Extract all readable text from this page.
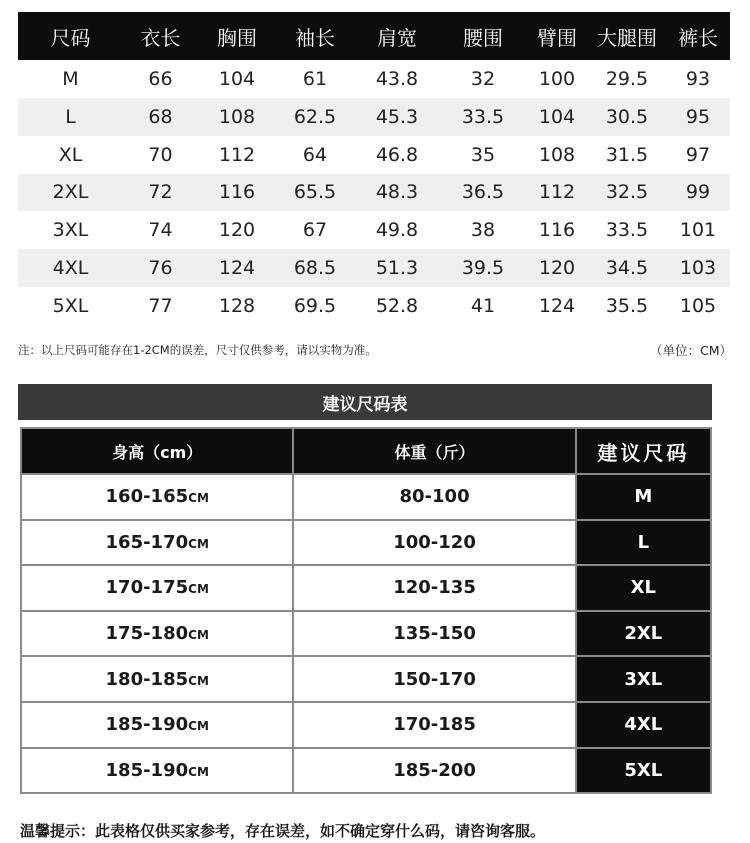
尺码	衣长	胸围	袖长	肩宽	腰围	臂围	大腿围	裤长
M	66	104	61	43.8	32	100	29.5	93
L	68	108	62.5	45.3	33.5	104	30.5	95
XL	70	112	64	46.8	35	108	31.5	97
2XL	72	116	65.5	48.3	36.5	112	32.5	99
3XL	74	120	67	49.8	38	116	33.5	101
4XL	76	124	68.5	51.3	39.5	120	34.5	103
5XL	77	128	69.5	52.8	41	124	35.5	105
注：以上尺码可能存在1-2CM的误差，尺寸仅供参考，请以实物为准。	（单位：CM）
建议尺码表
身高（cm）	体重（斤）	建议尺码
160-165CM	80-100	M
165-170CM	100-120	L
170-175CM	120-135	XL
175-180CM	135-150	2XL
180-185CM	150-170	3XL
185-190CM	170-185	4XL
185-190CM	185-200	5XL
温馨提示：此表格仅供买家参考，存在误差，如不确定穿什么码，请咨询客服。
